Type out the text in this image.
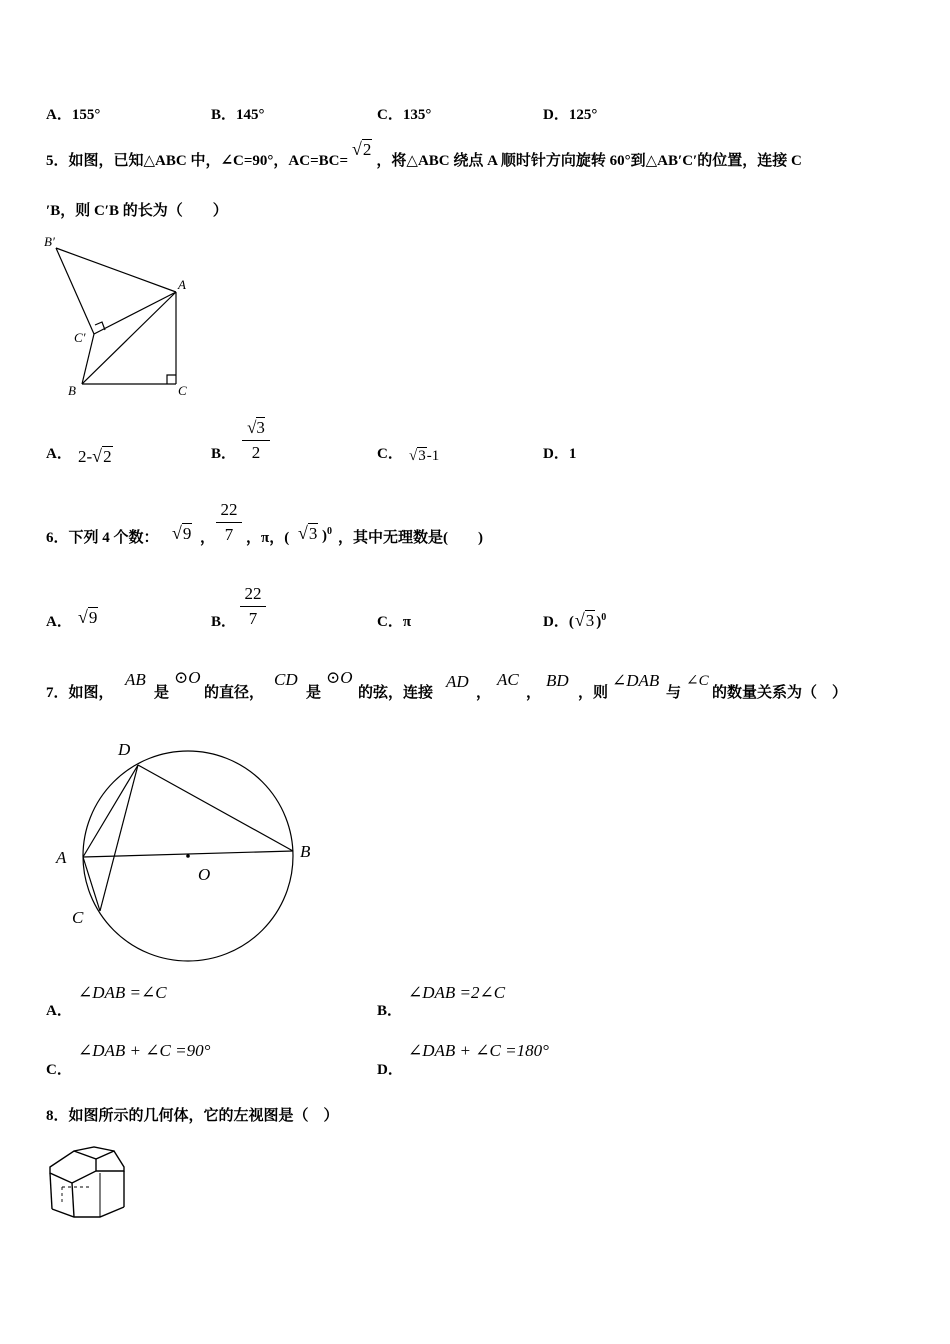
A．155°	B．145°	C．135°	D．125°
5．如图，已知△ABC 中，∠C=90°，AC=BC=√2，将△ABC 绕点 A 顺时针方向旋转 60°到△AB′C′的位置，连接 C
′B，则 C′B 的长为（　　）
B′
A
C′
B	C
A． 2-√2	B．
√3
2	C． √3-1	D．1
6．下列 4 个数： √9 ，
22
7 ，π，( √3 )$^0$ ，其中无理数是(　　)
A． √9	B．
22
7	C．π	D．(√3 )$^0$
7．如图，
AB
是
⊙O
的直径，
CD
是
⊙O
的弦，连接
AD
，
AC
，
BD
，则
∠DAB
与
∠C
的数量关系为（　）
D
A
O
B
C
A．
∠DAB =∠C
B．
∠DAB =2∠C
C．
∠DAB + ∠C =90°
D．
∠DAB + ∠C =180°
8．如图所示的几何体，它的左视图是（　）
